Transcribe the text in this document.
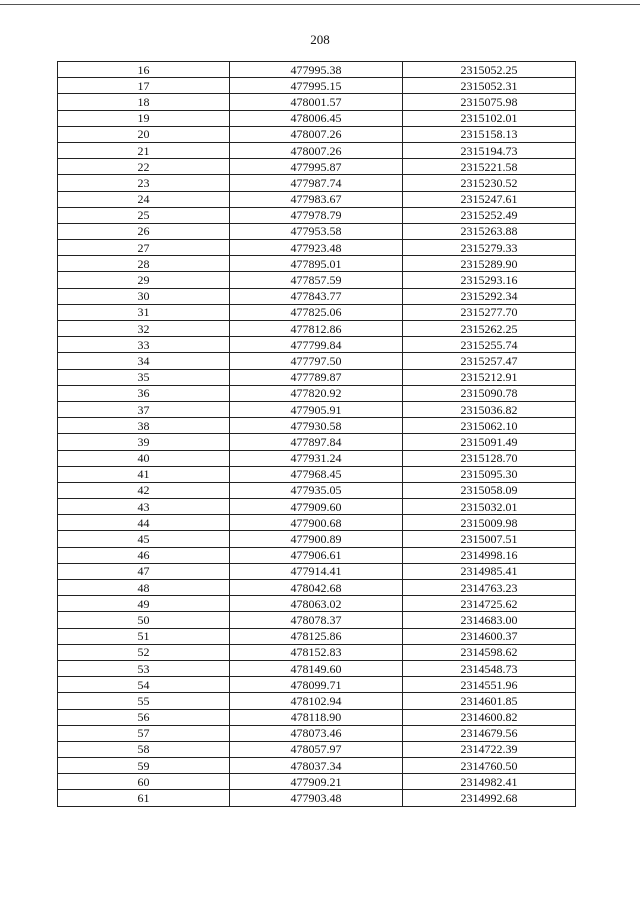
208
16	477995.38	2315052.25
17	477995.15	2315052.31
18	478001.57	2315075.98
19	478006.45	2315102.01
20	478007.26	2315158.13
21	478007.26	2315194.73
22	477995.87	2315221.58
23	477987.74	2315230.52
24	477983.67	2315247.61
25	477978.79	2315252.49
26	477953.58	2315263.88
27	477923.48	2315279.33
28	477895.01	2315289.90
29	477857.59	2315293.16
30	477843.77	2315292.34
31	477825.06	2315277.70
32	477812.86	2315262.25
33	477799.84	2315255.74
34	477797.50	2315257.47
35	477789.87	2315212.91
36	477820.92	2315090.78
37	477905.91	2315036.82
38	477930.58	2315062.10
39	477897.84	2315091.49
40	477931.24	2315128.70
41	477968.45	2315095.30
42	477935.05	2315058.09
43	477909.60	2315032.01
44	477900.68	2315009.98
45	477900.89	2315007.51
46	477906.61	2314998.16
47	477914.41	2314985.41
48	478042.68	2314763.23
49	478063.02	2314725.62
50	478078.37	2314683.00
51	478125.86	2314600.37
52	478152.83	2314598.62
53	478149.60	2314548.73
54	478099.71	2314551.96
55	478102.94	2314601.85
56	478118.90	2314600.82
57	478073.46	2314679.56
58	478057.97	2314722.39
59	478037.34	2314760.50
60	477909.21	2314982.41
61	477903.48	2314992.68
